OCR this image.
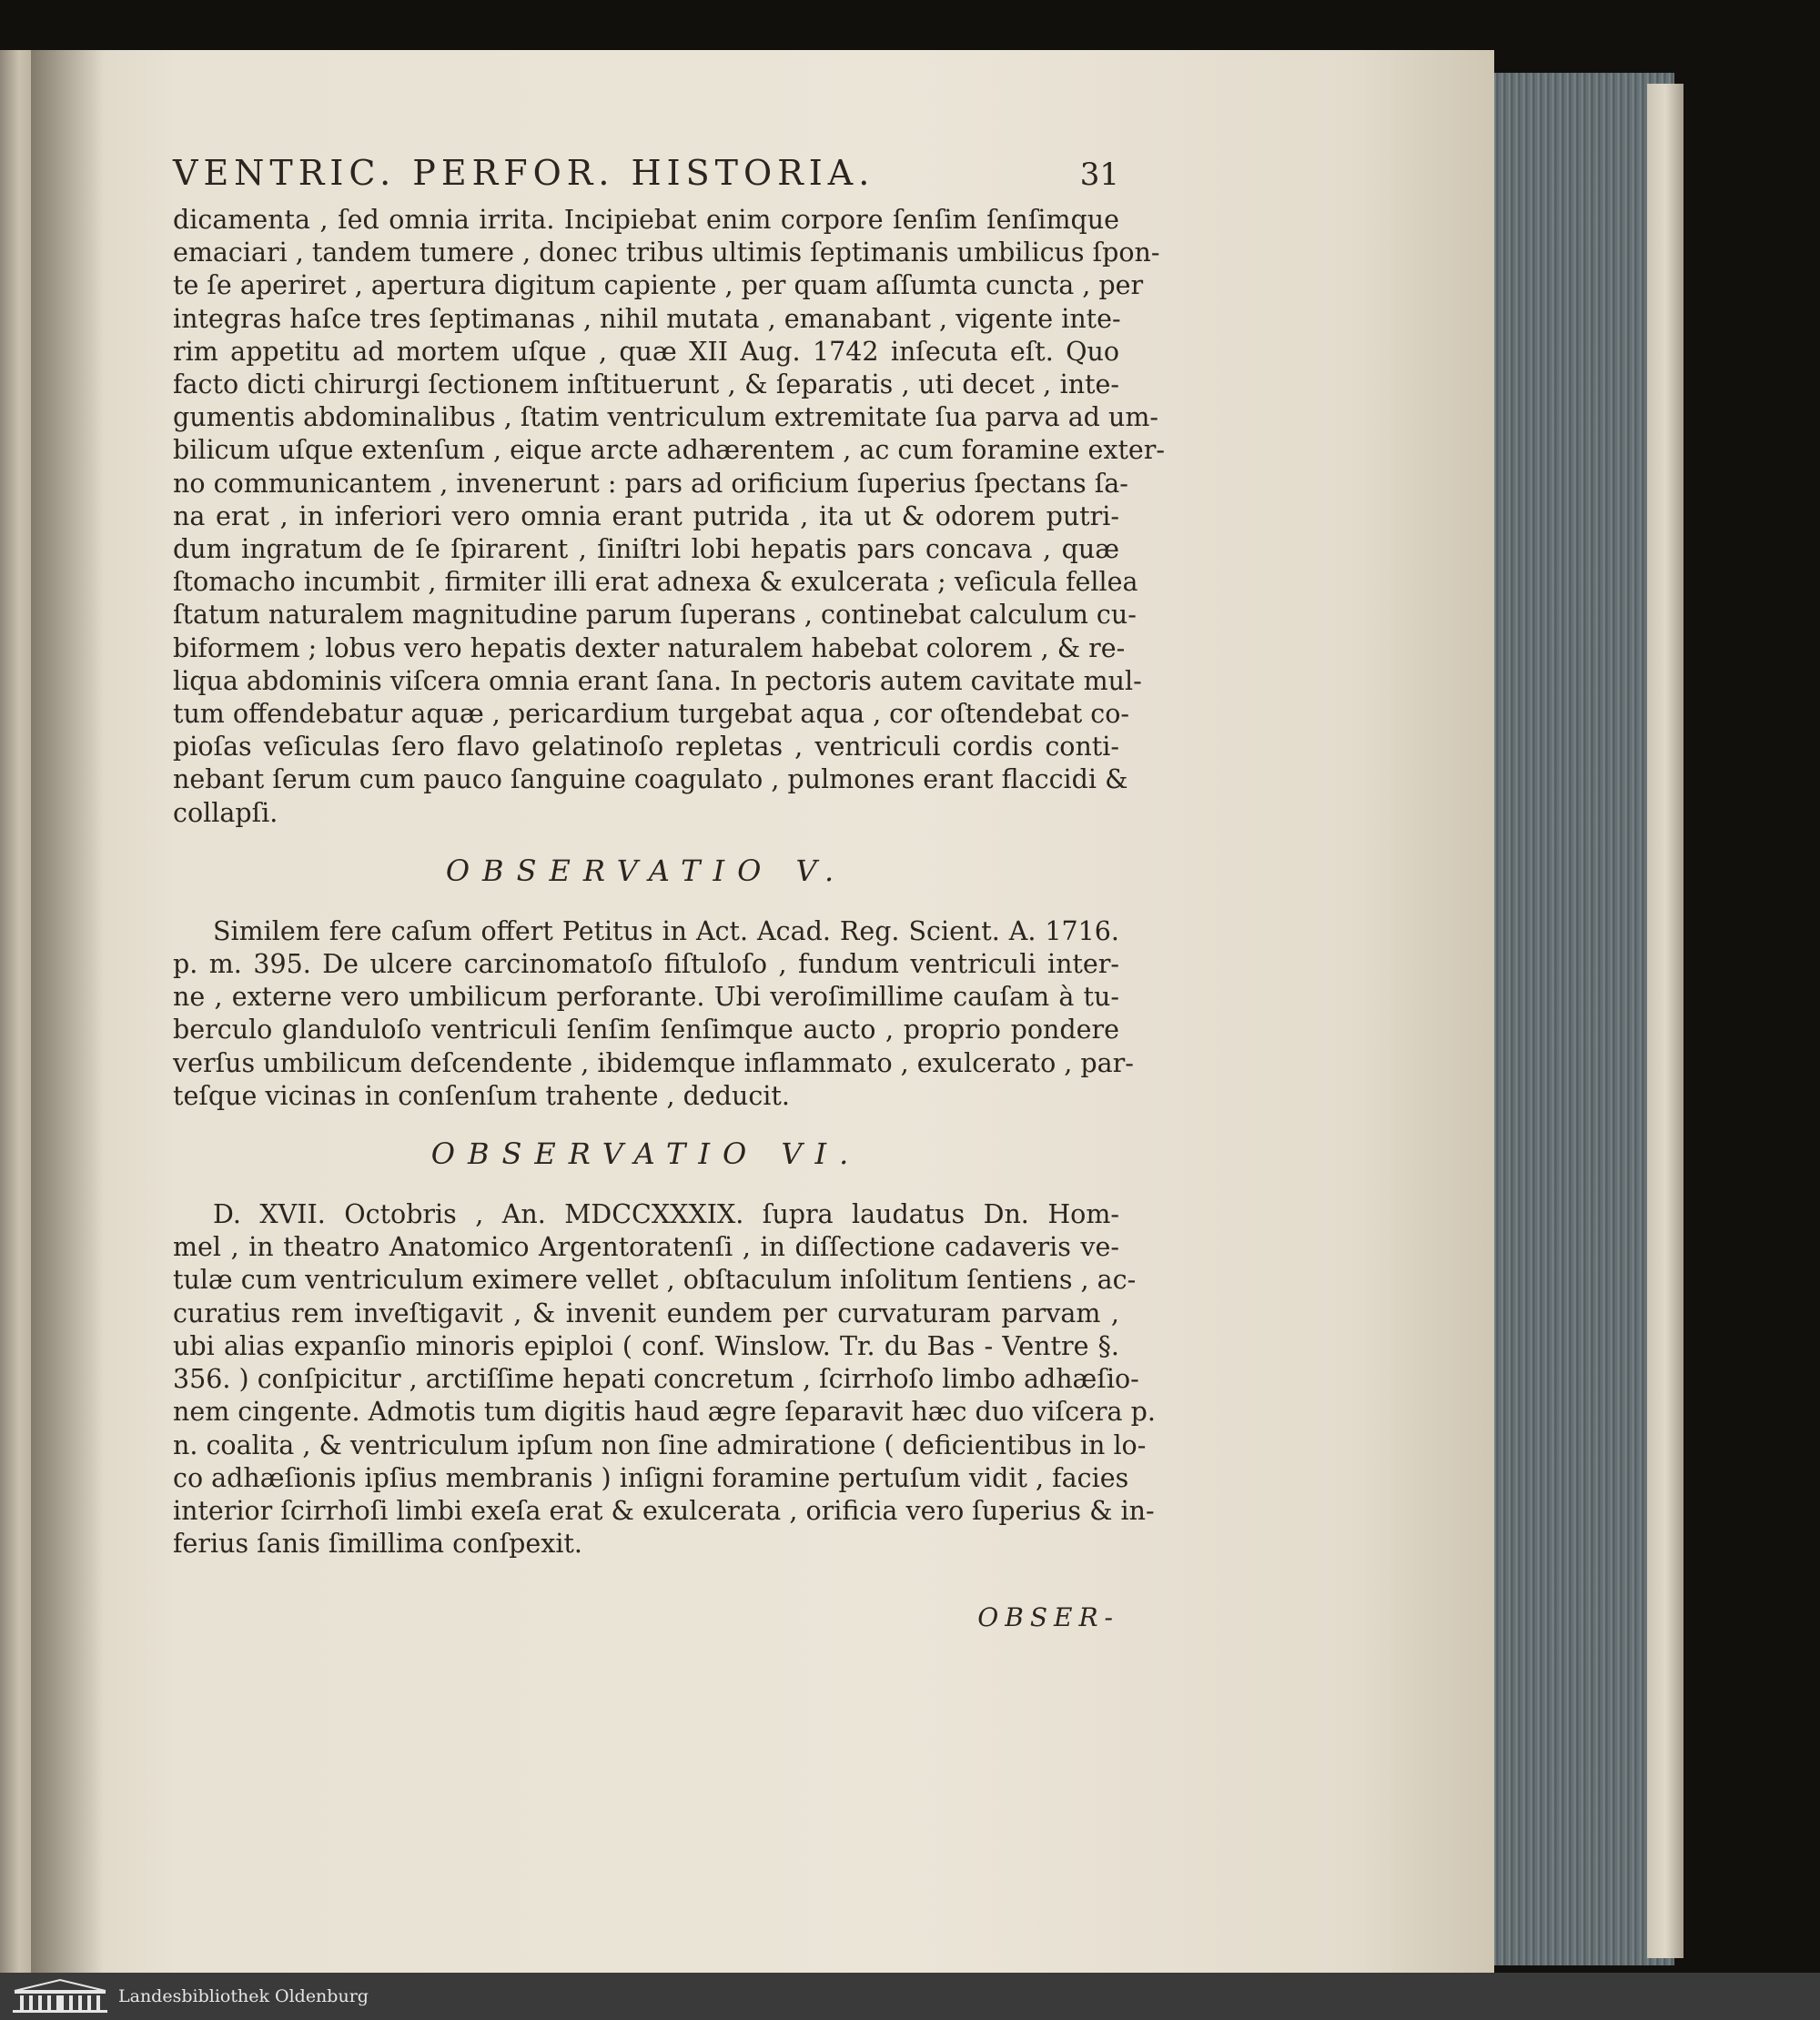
VENTRIC. PERFOR. HISTORIA.	31
dicamenta , ſed omnia irrita. Incipiebat enim corpore ſenſim ſenſimque
emaciari , tandem tumere , donec tribus ultimis ſeptimanis umbilicus ſpon-
te ſe aperiret , apertura digitum capiente , per quam aſſumta cuncta , per
integras haſce tres ſeptimanas , nihil mutata , emanabant , vigente inte-
rim appetitu ad mortem uſque , quæ XII Aug. 1742 inſecuta eſt. Quo
facto dicti chirurgi ſectionem inſtituerunt , & ſeparatis , uti decet , inte-
gumentis abdominalibus , ſtatim ventriculum extremitate ſua parva ad um-
bilicum uſque extenſum , eique arcte adhærentem , ac cum foramine exter-
no communicantem , invenerunt : pars ad orificium ſuperius ſpectans ſa-
na erat , in inferiori vero omnia erant putrida , ita ut & odorem putri-
dum ingratum de ſe ſpirarent , ſiniſtri lobi hepatis pars concava , quæ
ſtomacho incumbit , firmiter illi erat adnexa & exulcerata ; veſicula fellea
ſtatum naturalem magnitudine parum ſuperans , continebat calculum cu-
biformem ; lobus vero hepatis dexter naturalem habebat colorem , & re-
liqua abdominis viſcera omnia erant ſana. In pectoris autem cavitate mul-
tum offendebatur aquæ , pericardium turgebat aqua , cor oſtendebat co-
pioſas veſiculas ſero flavo gelatinoſo repletas , ventriculi cordis conti-
nebant ſerum cum pauco ſanguine coagulato , pulmones erant flaccidi &
collapſi.
OBSERVATIO V.
Similem fere caſum offert Petitus in Act. Acad. Reg. Scient. A. 1716.
p. m. 395. De ulcere carcinomatoſo fiſtuloſo , fundum ventriculi inter-
ne , externe vero umbilicum perforante. Ubi veroſimillime cauſam à tu-
berculo glanduloſo ventriculi ſenſim ſenſimque aucto , proprio pondere
verſus umbilicum deſcendente , ibidemque inflammato , exulcerato , par-
teſque vicinas in conſenſum trahente , deducit.
OBSERVATIO VI.
D. XVII. Octobris , An. MDCCXXXIX. ſupra laudatus Dn. Hom-
mel , in theatro Anatomico Argentoratenſi , in diſſectione cadaveris ve-
tulæ cum ventriculum eximere vellet , obſtaculum inſolitum ſentiens , ac-
curatius rem inveſtigavit , & invenit eundem per curvaturam parvam ,
ubi alias expanſio minoris epiploi ( conf. Winslow. Tr. du Bas - Ventre §.
356. ) conſpicitur , arctiſſime hepati concretum , ſcirrhoſo limbo adhæſio-
nem cingente. Admotis tum digitis haud ægre ſeparavit hæc duo viſcera p.
n. coalita , & ventriculum ipſum non ſine admiratione ( deficientibus in lo-
co adhæſionis ipſius membranis ) inſigni foramine pertuſum vidit , facies
interior ſcirrhoſi limbi exeſa erat & exulcerata , orificia vero ſuperius & in-
ferius ſanis ſimillima conſpexit.
OBSER-
Landesbibliothek Oldenburg
